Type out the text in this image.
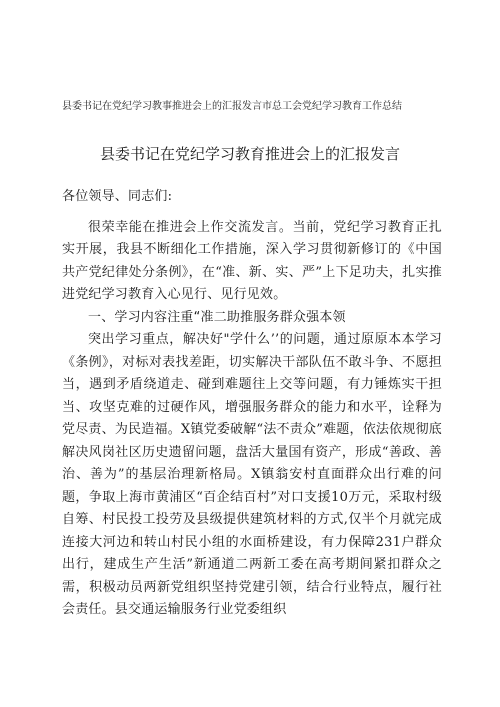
县委书记在党纪学习教事推进会上的汇报发言市总工会党纪学习教育工作总结
县委书记在党纪学习教育推进会上的汇报发言

各位领导、同志们:

很荣幸能在推进会上作交流发言。当前，党纪学习教育正扎实开展，我县不断细化工作措施，深入学习贯彻新修订的《中国共产党纪律处分条例》，在“准、新、实、严”上下足功夫，扎实推进党纪学习教育入心见行、见行见效。

一、学习内容注重“准二助推服务群众强本领

突出学习重点，解决好"学什么’’的问题，通过原原本本学习《条例》，对标对表找差距，切实解决干部队伍不敢斗争、不愿担当，遇到矛盾绕道走、碰到难题往上交等问题，有力锤炼实干担当、攻坚克难的过硬作风，增强服务群众的能力和水平，诠释为党尽责、为民造福。X镇党委破解“法不责众”难题，依法依规彻底解决风岗社区历史遗留问题，盘活大量国有资产，形成“善政、善治、善为”的基层治理新格局。X镇翁安村直面群众出行难的问题，争取上海市黄浦区“百企结百村”对口支援10万元，采取村级自筹、村民投工投劳及县级提供建筑材料的方式,仅半个月就完成连接大河边和转山村民小组的水面桥建设，有力保障231户群众出行，建成生产生活”新通道二两新工委在高考期间紧扣群众之需，积极动员两新党组织坚持党建引领，结合行业特点，履行社会责任。县交通运输服务行业党委组织
